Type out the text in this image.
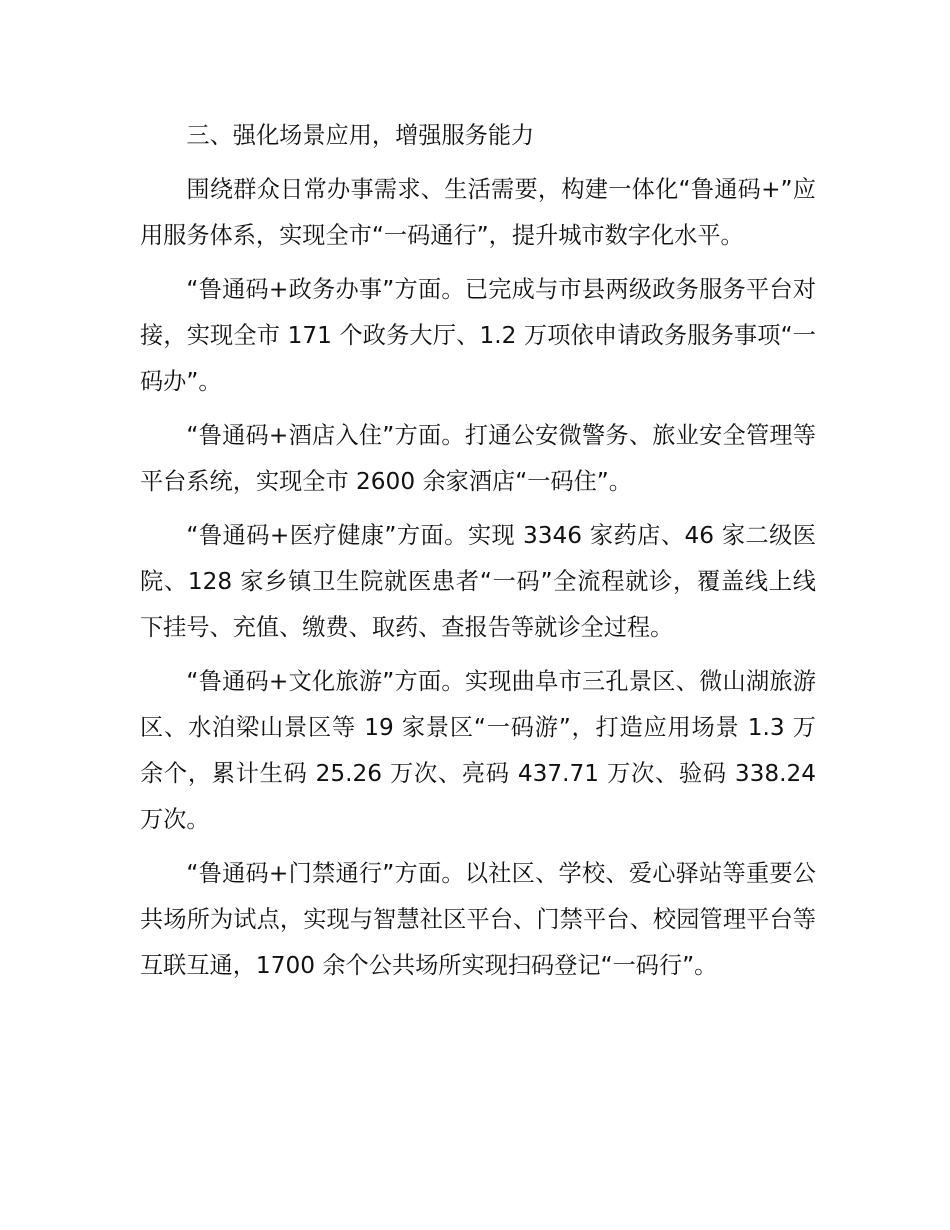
三、强化场景应用，增强服务能力

围绕群众日常办事需求、生活需要，构建一体化“鲁通码+”应用服务体系，实现全市“一码通行”，提升城市数字化水平。

“鲁通码+政务办事”方面。已完成与市县两级政务服务平台对接，实现全市 171 个政务大厅、1.2 万项依申请政务服务事项“一码办”。

“鲁通码+酒店入住”方面。打通公安微警务、旅业安全管理等平台系统，实现全市 2600 余家酒店“一码住”。

“鲁通码+医疗健康”方面。实现 3346 家药店、46 家二级医院、128 家乡镇卫生院就医患者“一码”全流程就诊，覆盖线上线下挂号、充值、缴费、取药、查报告等就诊全过程。

“鲁通码+文化旅游”方面。实现曲阜市三孔景区、微山湖旅游区、水泊梁山景区等 19 家景区“一码游”，打造应用场景 1.3 万余个，累计生码 25.26 万次、亮码 437.71 万次、验码 338.24 万次。

“鲁通码+门禁通行”方面。以社区、学校、爱心驿站等重要公共场所为试点，实现与智慧社区平台、门禁平台、校园管理平台等互联互通，1700 余个公共场所实现扫码登记“一码行”。
